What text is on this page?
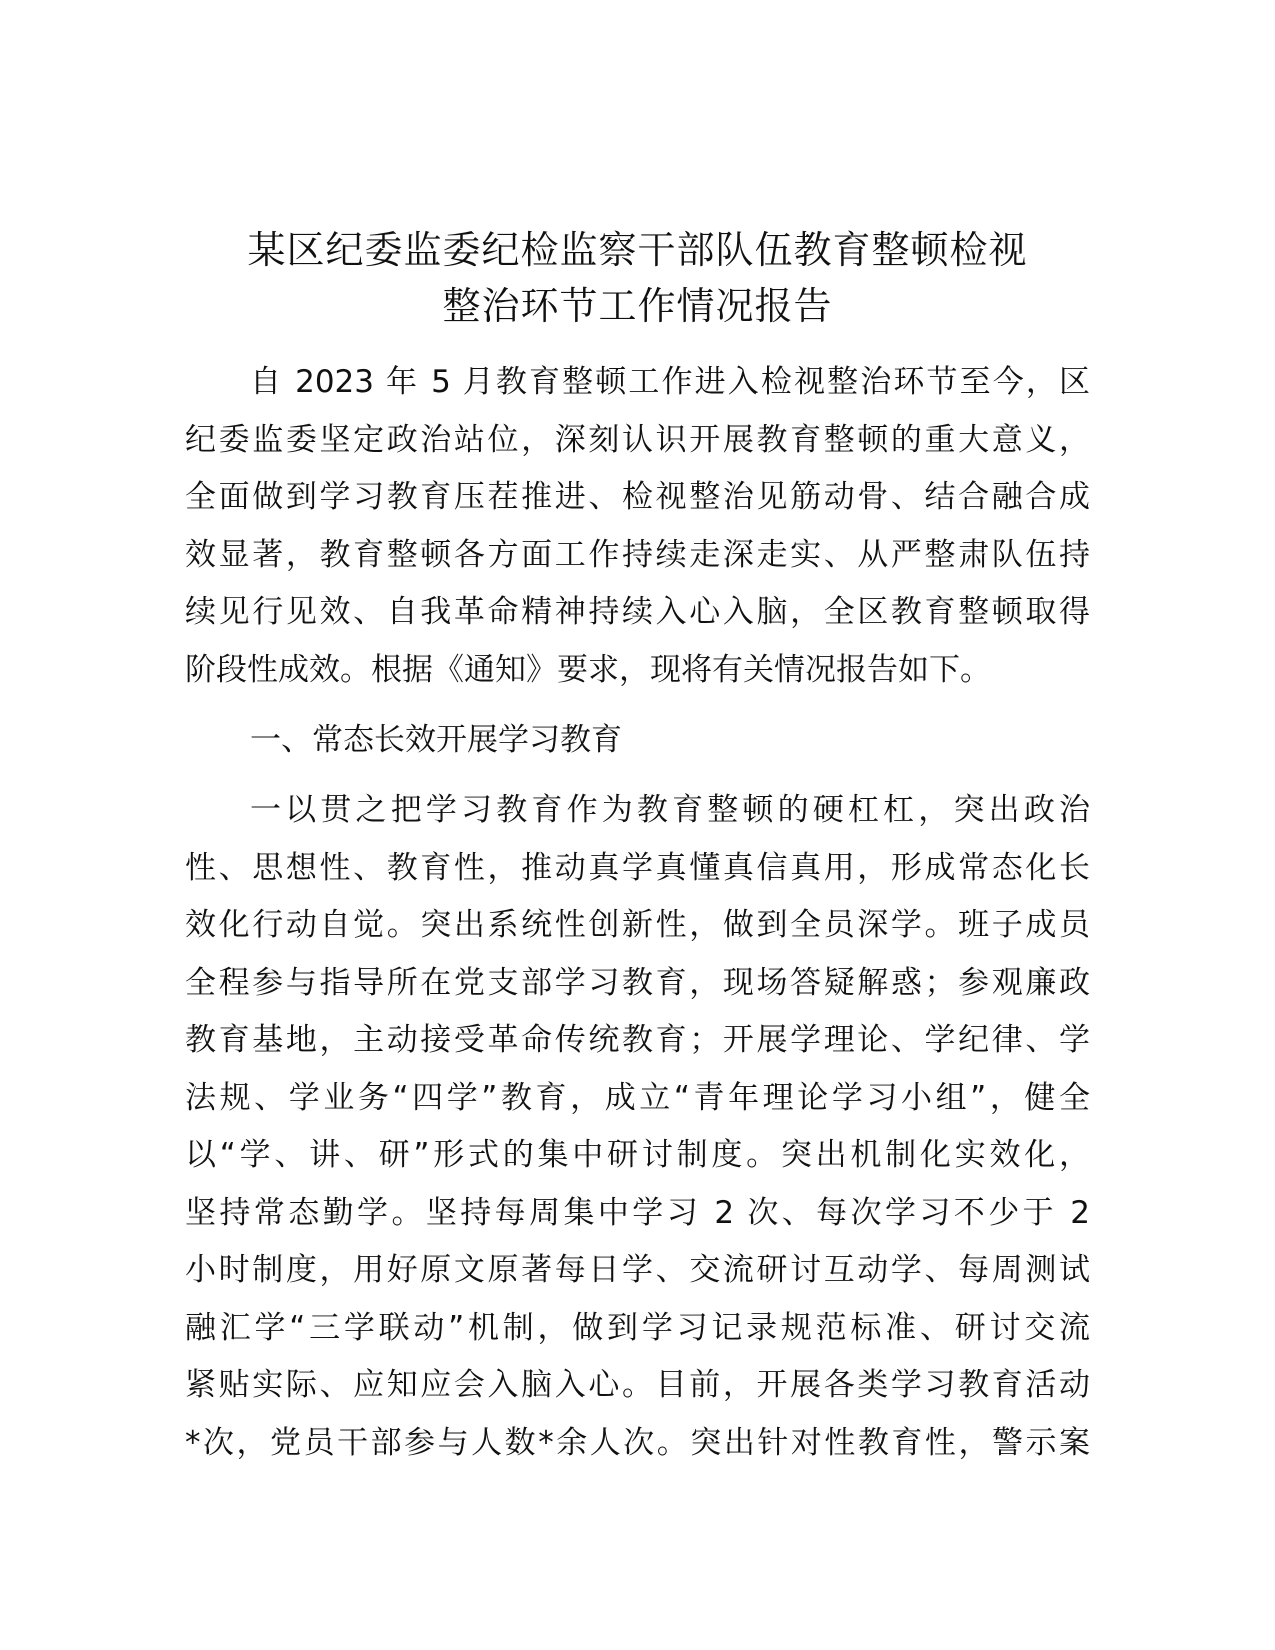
某区纪委监委纪检监察干部队伍教育整顿检视
整治环节工作情况报告
自 2023 年 5 月教育整顿工作进入检视整治环节至今，区
纪委监委坚定政治站位，深刻认识开展教育整顿的重大意义，
全面做到学习教育压茬推进、检视整治见筋动骨、结合融合成
效显著，教育整顿各方面工作持续走深走实、从严整肃队伍持
续见行见效、自我革命精神持续入心入脑，全区教育整顿取得
阶段性成效。根据《通知》要求，现将有关情况报告如下。
一、常态长效开展学习教育
一以贯之把学习教育作为教育整顿的硬杠杠，突出政治
性、思想性、教育性，推动真学真懂真信真用，形成常态化长
效化行动自觉。突出系统性创新性，做到全员深学。班子成员
全程参与指导所在党支部学习教育，现场答疑解惑；参观廉政
教育基地，主动接受革命传统教育；开展学理论、学纪律、学
法规、学业务“四学”教育，成立“青年理论学习小组”，健全
以“学、讲、研”形式的集中研讨制度。突出机制化实效化，
坚持常态勤学。坚持每周集中学习 2 次、每次学习不少于 2
小时制度，用好原文原著每日学、交流研讨互动学、每周测试
融汇学“三学联动”机制，做到学习记录规范标准、研讨交流
紧贴实际、应知应会入脑入心。目前，开展各类学习教育活动
*次，党员干部参与人数*余人次。突出针对性教育性，警示案
